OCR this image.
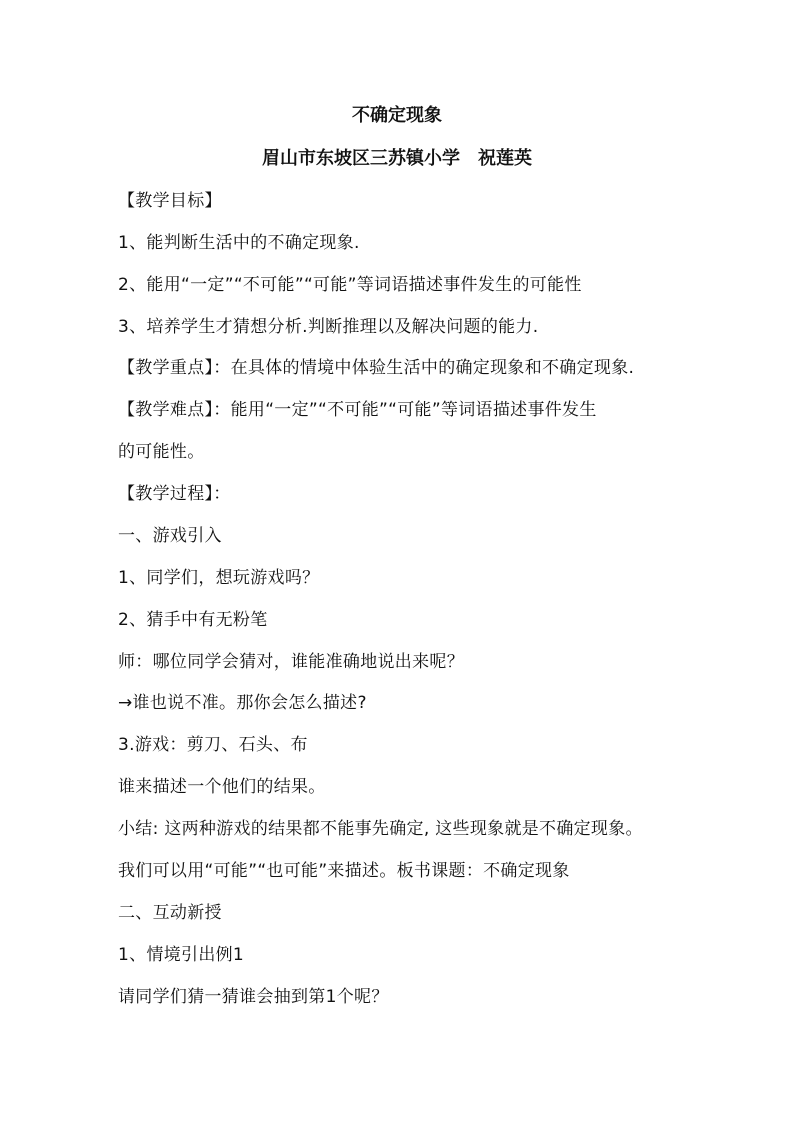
不确定现象
眉山市东坡区三苏镇小学　祝莲英
【教学目标】
1、能判断生活中的不确定现象.
2、能用“一定”“不可能”“可能”等词语描述事件发生的可能性
3、培养学生才猜想分析.判断推理以及解决问题的能力.
【教学重点】：在具体的情境中体验生活中的确定现象和不确定现象.
【教学难点】：能用“一定”“不可能”“可能”等词语描述事件发生
的可能性。
【教学过程】：
一、游戏引入
1、同学们，想玩游戏吗？
2、猜手中有无粉笔
师：哪位同学会猜对，谁能准确地说出来呢？
→谁也说不准。那你会怎么描述?
3.游戏：剪刀、石头、布
谁来描述一个他们的结果。
小结: 这两种游戏的结果都不能事先确定, 这些现象就是不确定现象。
我们可以用“可能”“也可能”来描述。板书课题：不确定现象
二、互动新授
1、情境引出例1
请同学们猜一猜谁会抽到第1个呢？
